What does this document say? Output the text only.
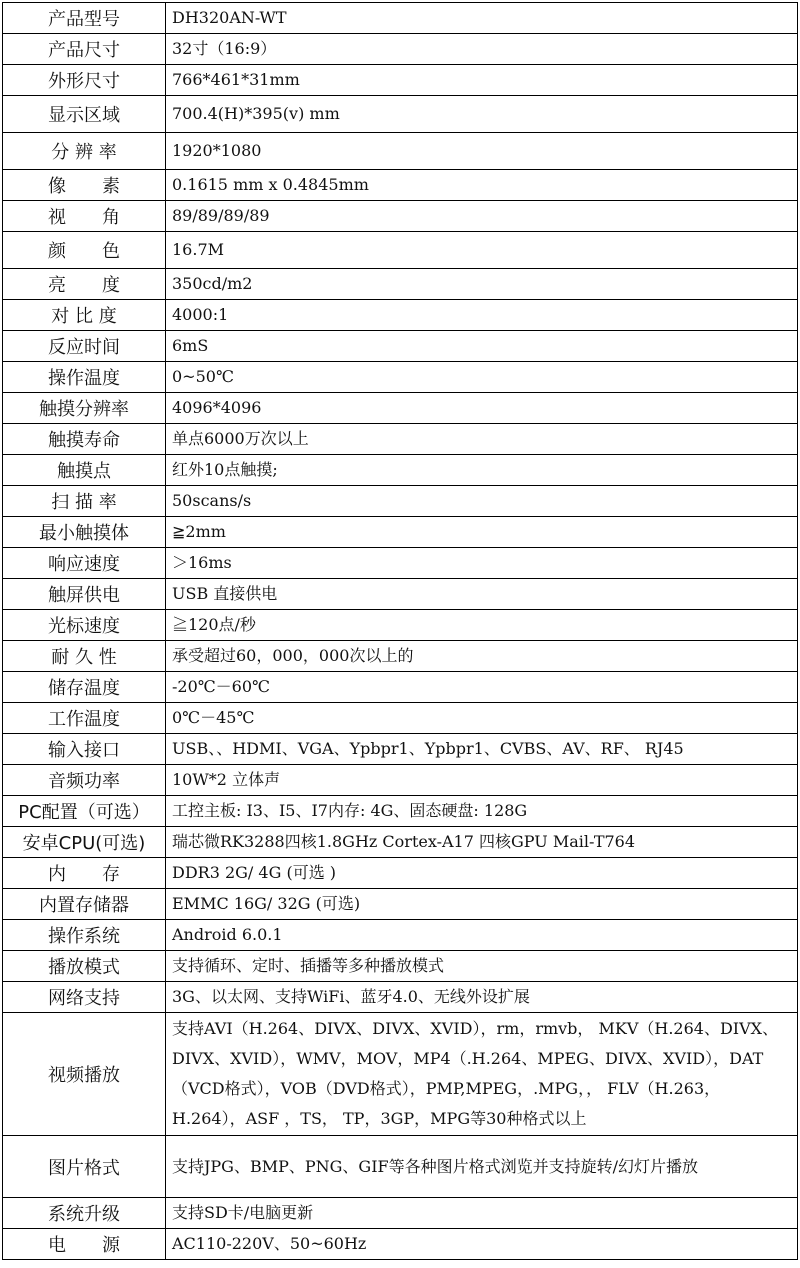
产品型号	DH320AN-WT
产品尺寸	32寸（16:9）
外形尺寸	766*461*31mm
显示区域	700.4(H)*395(v) mm
分 辨 率	1920*1080
像　　素	0.1615 mm x 0.4845mm
视　　角	89/89/89/89
颜　　色	16.7M
亮　　度	350cd/m2
对 比 度	4000:1
反应时间	6mS
操作温度	0~50℃
触摸分辨率	4096*4096
触摸寿命	单点6000万次以上
触摸点	红外10点触摸;
扫 描 率	50scans/s
最小触摸体	≧2mm
响应速度	＞16ms
触屏供电	USB 直接供电
光标速度	≧120点/秒
耐 久 性	承受超过60，000，000次以上的
储存温度	-20℃－60℃
工作温度	0℃－45℃
输入接口	USB、、HDMI、VGA、Ypbpr1、Ypbpr1、CVBS、AV、RF、 RJ45
音频功率	10W*2 立体声
PC配置（可选）	工控主板: I3、I5、I7内存: 4G、固态硬盘: 128G
安卓CPU(可选)	瑞芯微RK3288四核1.8GHz Cortex-A17 四核GPU Mail-T764
内　　存	DDR3 2G/ 4G (可选 )
内置存储器	EMMC 16G/ 32G (可选)
操作系统	Android 6.0.1
播放模式	支持循环、定时、插播等多种播放模式
网络支持	3G、以太网、支持WiFi、蓝牙4.0、无线外设扩展
视频播放	支持AVI（H.264、DIVX、DIVX、XVID），rm，rmvb， MKV（H.264、DIVX、DIVX、XVID），WMV，MOV，MP4（.H.264、MPEG、DIVX、XVID），DAT（VCD格式），VOB（DVD格式），PMP,MPEG，.MPG，， FLV（H.263，H.264），ASF ，TS， TP，3GP，MPG等30种格式以上
图片格式	支持JPG、BMP、PNG、GIF等各种图片格式浏览并支持旋转/幻灯片播放
系统升级	支持SD卡/电脑更新
电　　源	AC110-220V、50~60Hz
